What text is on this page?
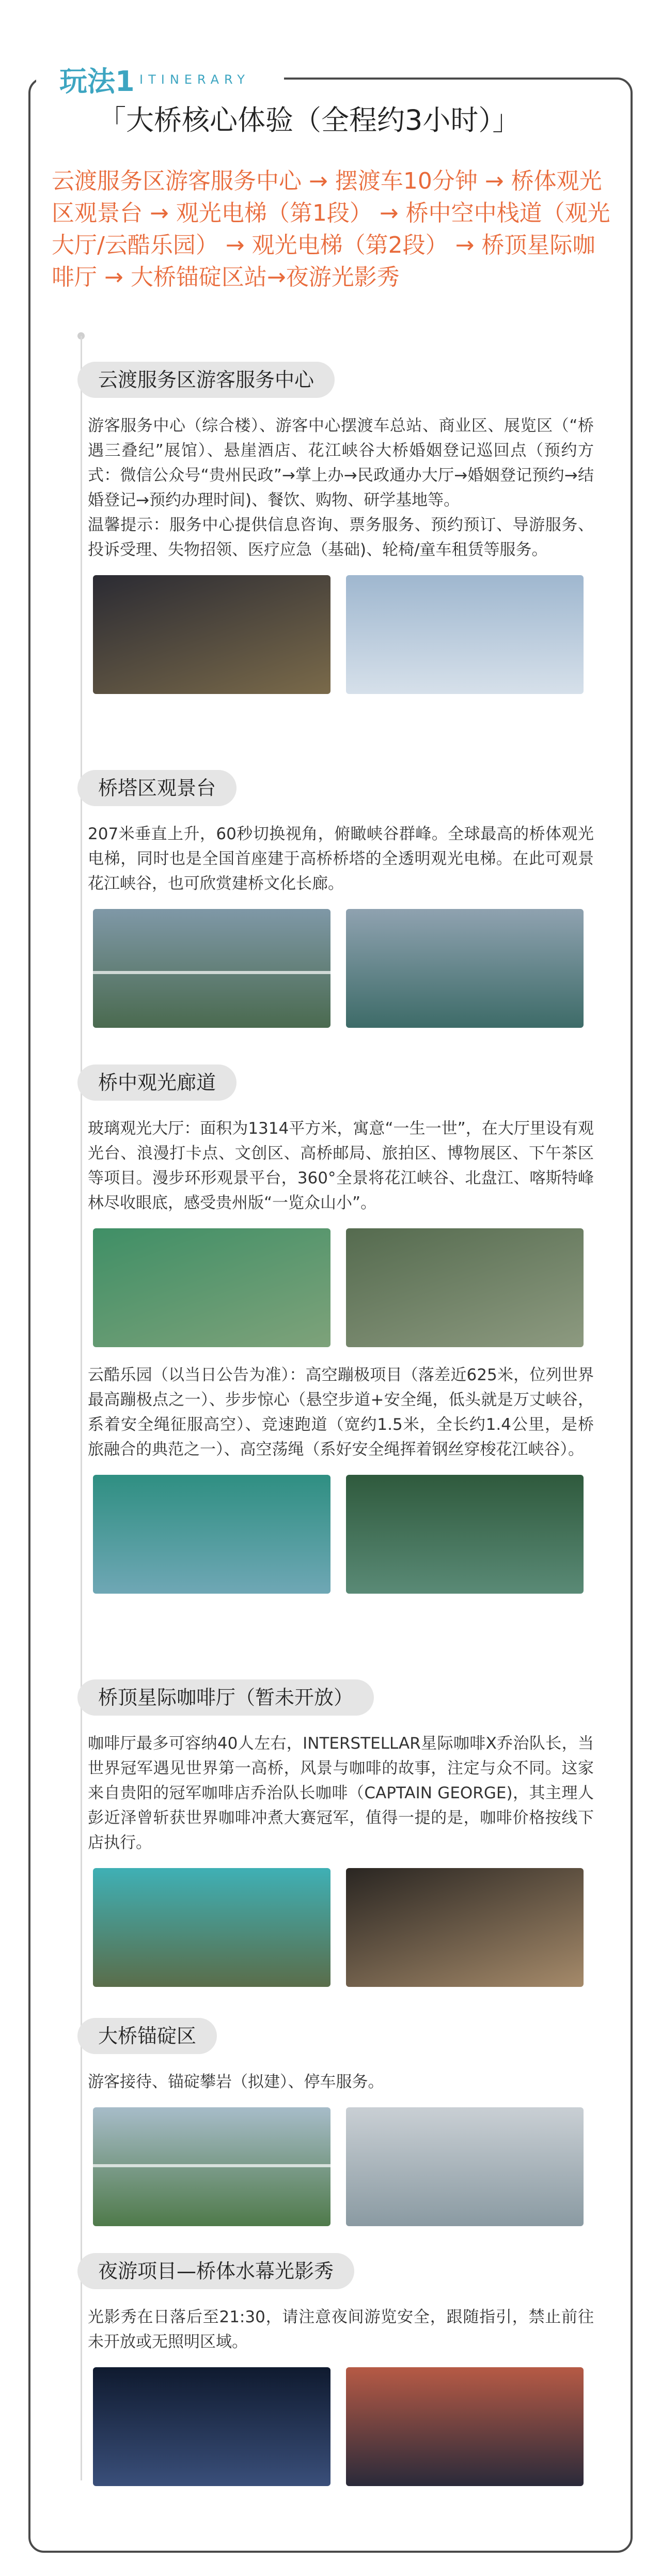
玩法1 ITINERARY
「大桥核心体验（全程约3小时）」
云渡服务区游客服务中心 → 摆渡车10分钟 → 桥体观光区观景台 → 观光电梯（第1段） → 桥中空中栈道（观光大厅/云酷乐园） → 观光电梯（第2段） → 桥顶星际咖啡厅 → 大桥锚碇区站→夜游光影秀
云渡服务区游客服务中心
游客服务中心（综合楼）、游客中心摆渡车总站、商业区、展览区（“桥遇三叠纪”展馆）、悬崖酒店、花江峡谷大桥婚姻登记巡回点（预约方式：微信公众号“贵州民政”→掌上办→民政通办大厅→婚姻登记预约→结婚登记→预约办理时间)、餐饮、购物、研学基地等。
温馨提示：服务中心提供信息咨询、票务服务、预约预订、导游服务、投诉受理、失物招领、医疗应急（基础)、轮椅/童车租赁等服务。
桥塔区观景台
207米垂直上升，60秒切换视角，俯瞰峡谷群峰。全球最高的桥体观光电梯，同时也是全国首座建于高桥桥塔的全透明观光电梯。在此可观景花江峡谷，也可欣赏建桥文化长廊。
桥中观光廊道
玻璃观光大厅：面积为1314平方米，寓意“一生一世”，在大厅里设有观光台、浪漫打卡点、文创区、高桥邮局、旅拍区、博物展区、下午茶区等项目。漫步环形观景平台，360°全景将花江峡谷、北盘江、喀斯特峰林尽收眼底，感受贵州版“一览众山小”。
云酷乐园（以当日公告为准）：高空蹦极项目（落差近625米，位列世界最高蹦极点之一）、步步惊心（悬空步道+安全绳，低头就是万丈峡谷，系着安全绳征服高空）、竞速跑道（宽约1.5米，全长约1.4公里，是桥旅融合的典范之一）、高空荡绳（系好安全绳挥着钢丝穿梭花江峡谷）。
桥顶星际咖啡厅（暂未开放）
咖啡厅最多可容纳40人左右，INTERSTELLAR星际咖啡X乔治队长，当世界冠军遇见世界第一高桥，风景与咖啡的故事，注定与众不同。这家来自贵阳的冠军咖啡店乔治队长咖啡（CAPTAIN GEORGE)，其主理人彭近泽曾斩获世界咖啡冲煮大赛冠军，值得一提的是，咖啡价格按线下店执行。
大桥锚碇区
游客接待、锚碇攀岩（拟建）、停车服务。
夜游项目—桥体水幕光影秀
光影秀在日落后至21:30，请注意夜间游览安全，跟随指引，禁止前往未开放或无照明区域。
